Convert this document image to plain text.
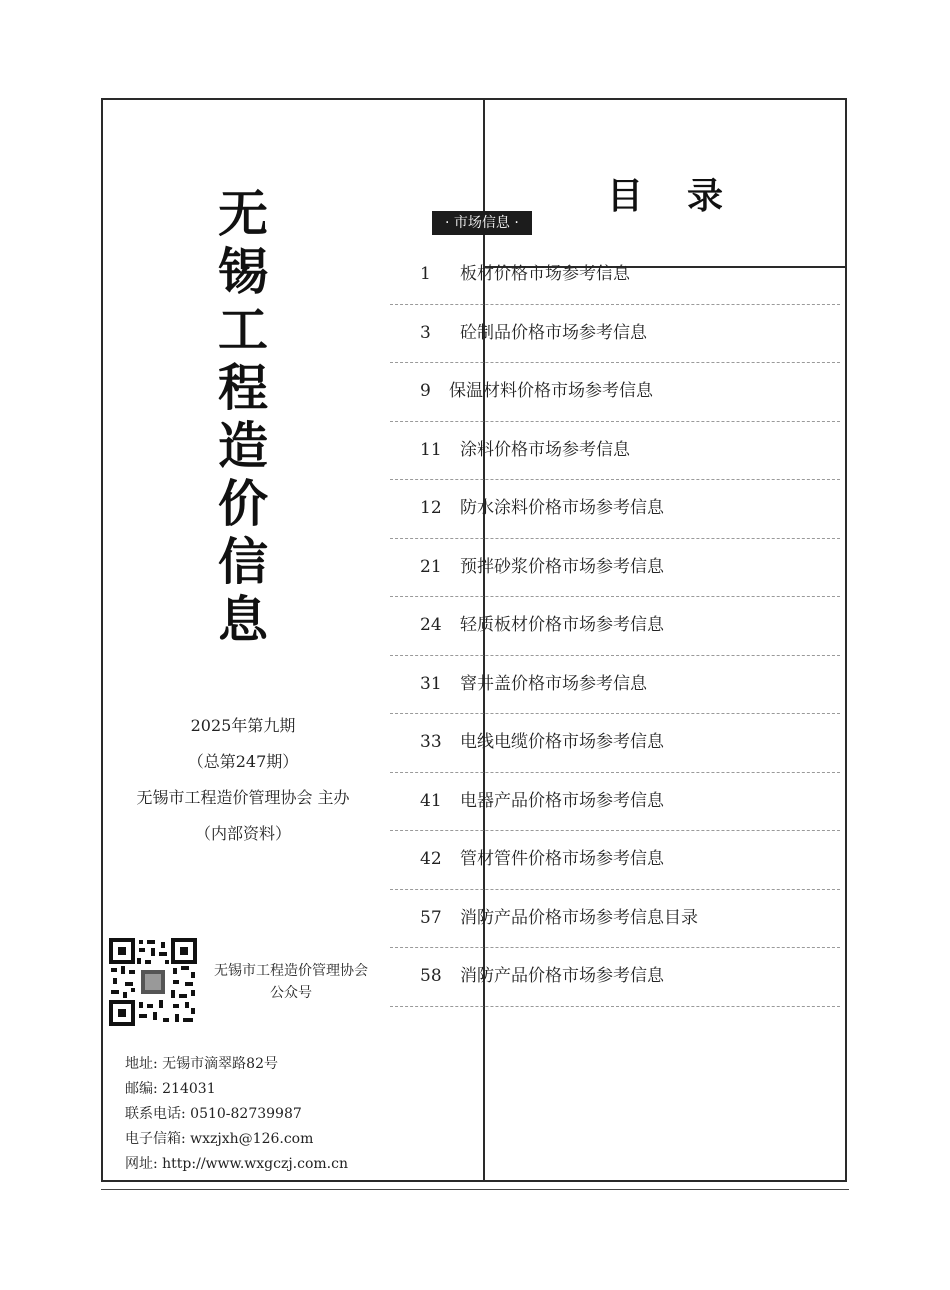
无
锡
工
程
造
价
信
息
2025年第九期
（总第247期）
无锡市工程造价管理协会 主办
（内部资料）
无锡市工程造价管理协会
公众号
地址: 无锡市滴翠路82号
邮编: 214031
联系电话: 0510-82739987
电子信箱: wxzjxh@126.com
网址: http://www.wxgczj.com.cn
目录
· 市场信息 ·
1 板材价格市场参考信息
3 砼制品价格市场参考信息
9 保温材料价格市场参考信息
11 涂料价格市场参考信息
12 防水涂料价格市场参考信息
21 预拌砂浆价格市场参考信息
24 轻质板材价格市场参考信息
31 窨井盖价格市场参考信息
33 电线电缆价格市场参考信息
41 电器产品价格市场参考信息
42 管材管件价格市场参考信息
57 消防产品价格市场参考信息目录
58 消防产品价格市场参考信息
